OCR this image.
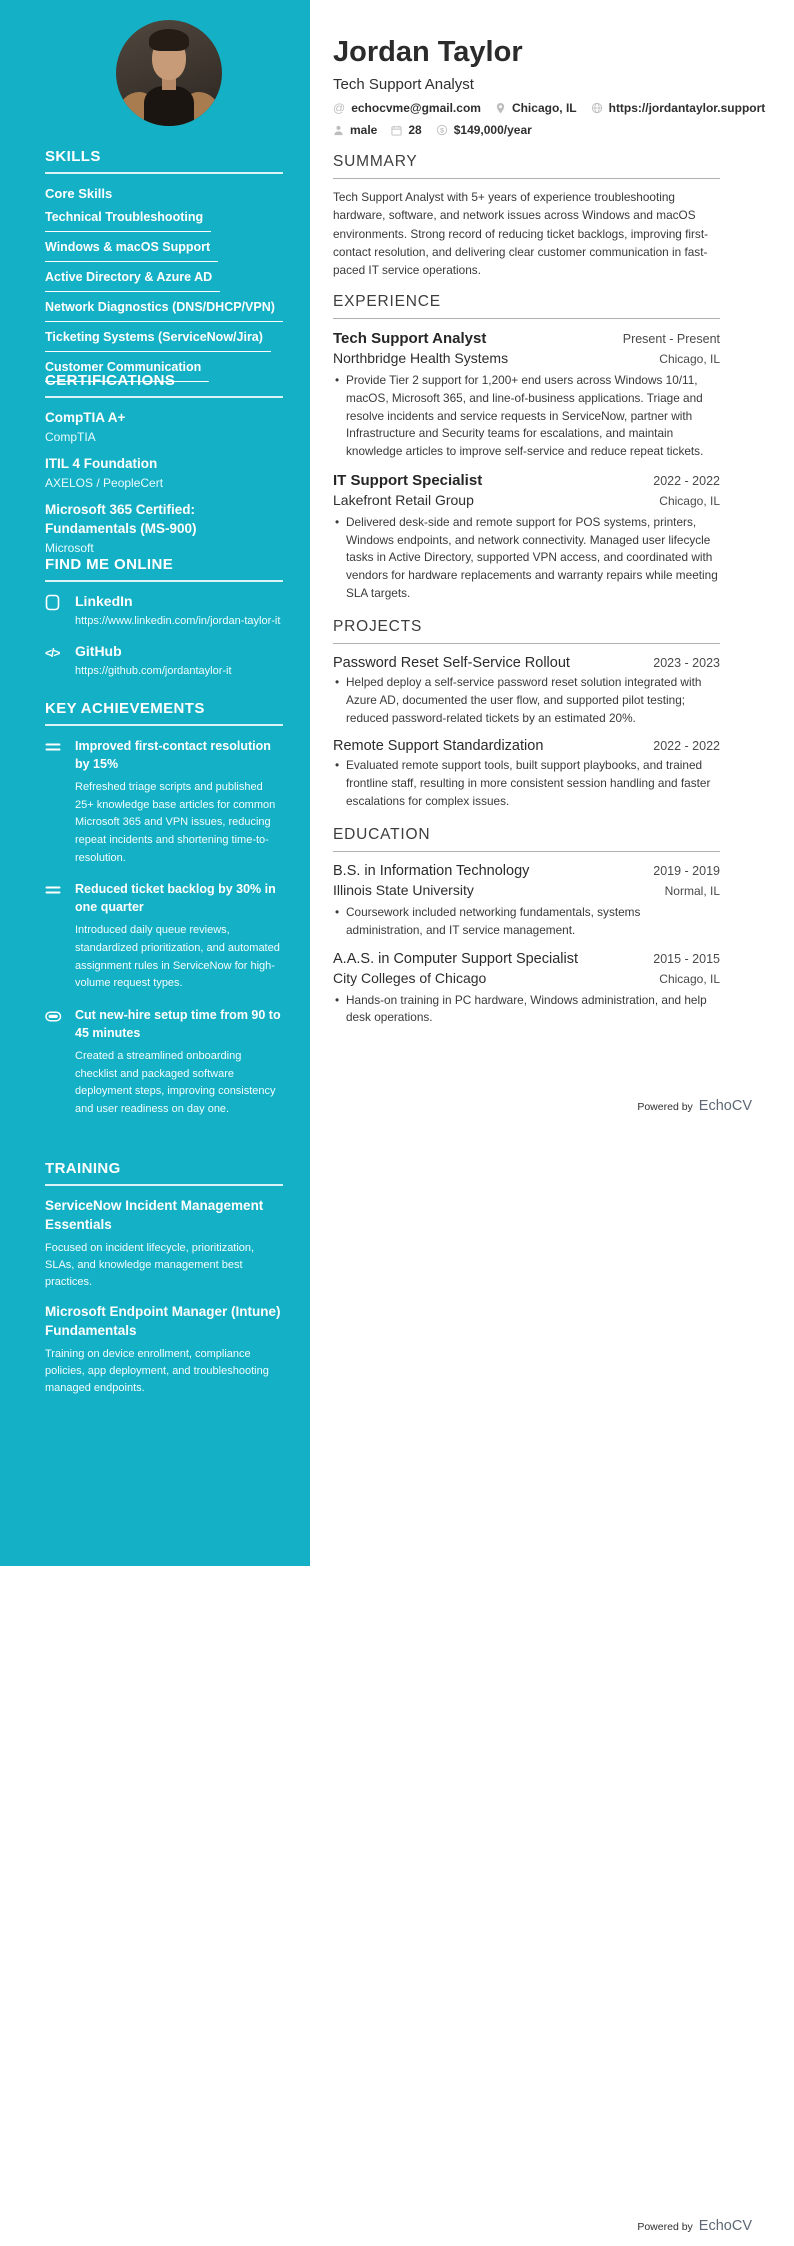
SKILLS
Core Skills
Technical Troubleshooting
Windows & macOS Support
Active Directory & Azure AD
Network Diagnostics (DNS/DHCP/VPN)
Ticketing Systems (ServiceNow/Jira)
Customer Communication
CERTIFICATIONS
CompTIA A+
CompTIA
ITIL 4 Foundation
AXELOS / PeopleCert
Microsoft 365 Certified: Fundamentals (MS-900)
Microsoft
FIND ME ONLINE
LinkedIn
https://www.linkedin.com/in/jordan-taylor-it
</> GitHub
https://github.com/jordantaylor-it
KEY ACHIEVEMENTS
Improved first-contact resolution by 15%
Refreshed triage scripts and published 25+ knowledge base articles for common Microsoft 365 and VPN issues, reducing repeat incidents and shortening time-to-resolution.
Reduced ticket backlog by 30% in one quarter
Introduced daily queue reviews, standardized prioritization, and automated assignment rules in ServiceNow for high-volume request types.
Cut new-hire setup time from 90 to 45 minutes
Created a streamlined onboarding checklist and packaged software deployment steps, improving consistency and user readiness on day one.
TRAINING
ServiceNow Incident Management Essentials
Focused on incident lifecycle, prioritization, SLAs, and knowledge management best practices.
Microsoft Endpoint Manager (Intune) Fundamentals
Training on device enrollment, compliance policies, app deployment, and troubleshooting managed endpoints.
Jordan Taylor
Tech Support Analyst
@ echocvme@gmail.com	Chicago, IL	https://jordantaylor.support
male	28 $ $149,000/year
SUMMARY

Tech Support Analyst with 5+ years of experience troubleshooting hardware, software, and network issues across Windows and macOS environments. Strong record of reducing ticket backlogs, improving first-contact resolution, and delivering clear customer communication in fast-paced IT service operations.

EXPERIENCE
Tech Support Analyst	Present - Present
Northbridge Health Systems	Chicago, IL
• Provide Tier 2 support for 1,200+ end users across Windows 10/11, macOS, Microsoft 365, and line-of-business applications. Triage and resolve incidents and service requests in ServiceNow, partner with Infrastructure and Security teams for escalations, and maintain knowledge articles to improve self-service and reduce repeat tickets.
IT Support Specialist	2022 - 2022
Lakefront Retail Group	Chicago, IL
• Delivered desk-side and remote support for POS systems, printers, Windows endpoints, and network connectivity. Managed user lifecycle tasks in Active Directory, supported VPN access, and coordinated with vendors for hardware replacements and warranty repairs while meeting SLA targets.
PROJECTS
Password Reset Self-Service Rollout	2023 - 2023
• Helped deploy a self-service password reset solution integrated with Azure AD, documented the user flow, and supported pilot testing; reduced password-related tickets by an estimated 20%.
Remote Support Standardization	2022 - 2022
• Evaluated remote support tools, built support playbooks, and trained frontline staff, resulting in more consistent session handling and faster escalations for complex issues.
EDUCATION
B.S. in Information Technology	2019 - 2019
Illinois State University	Normal, IL
• Coursework included networking fundamentals, systems administration, and IT service management.
A.A.S. in Computer Support Specialist	2015 - 2015
City Colleges of Chicago	Chicago, IL
• Hands-on training in PC hardware, Windows administration, and help desk operations.
Powered by EchoCV
Powered by EchoCV
